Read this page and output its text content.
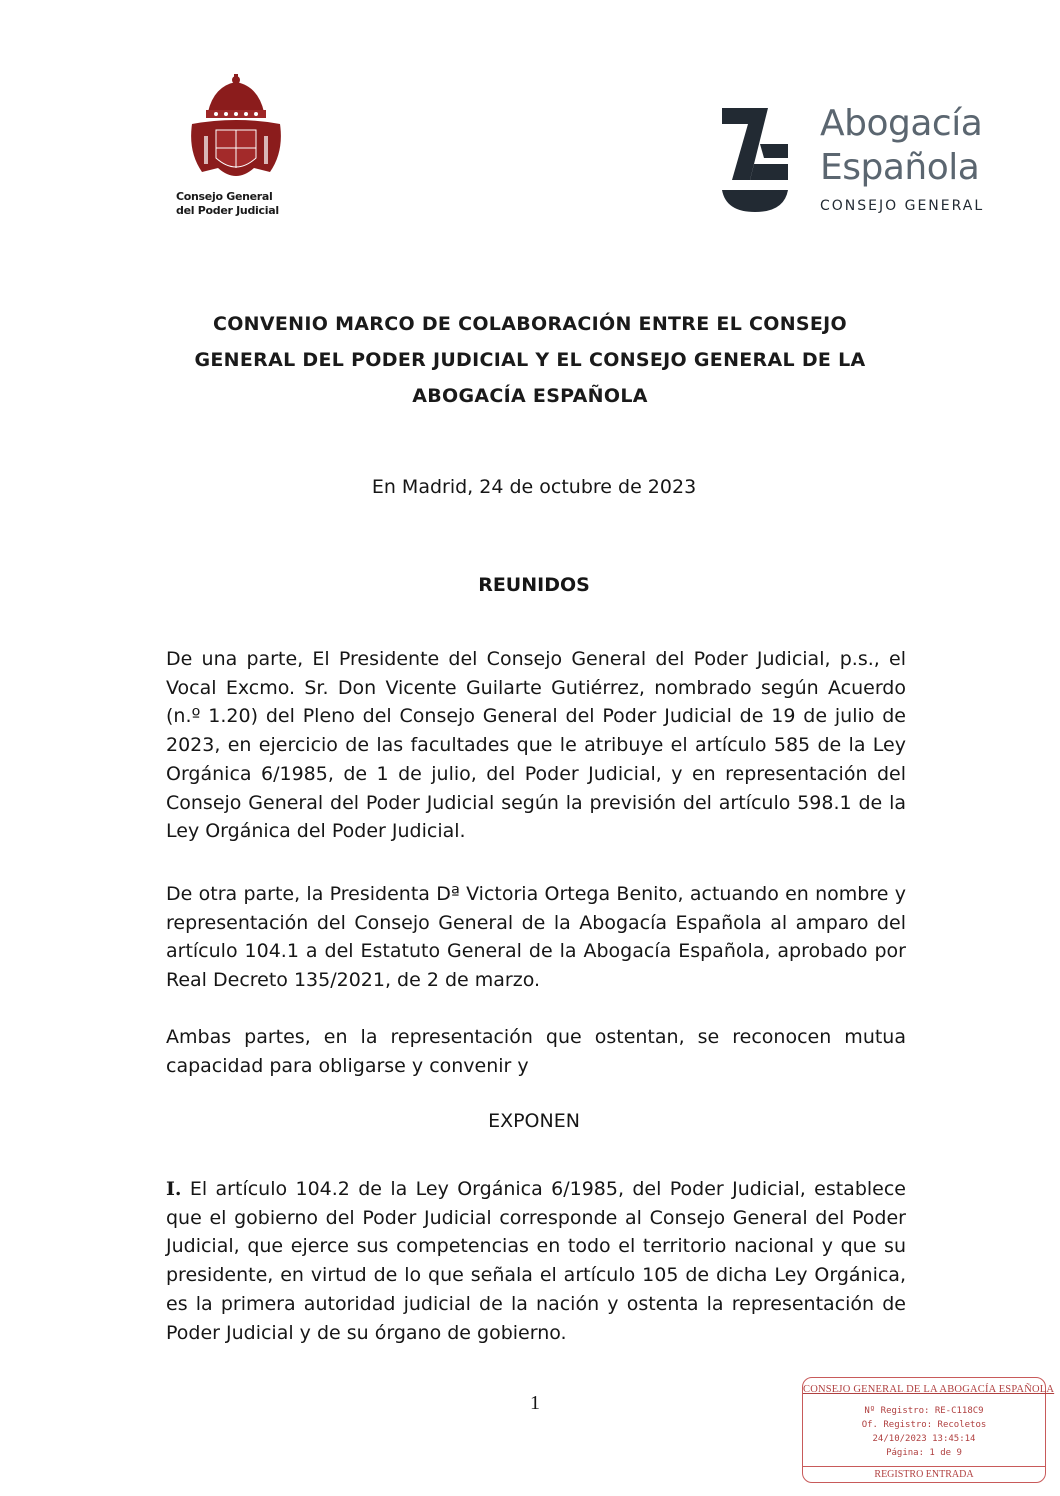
Consejo General
del Poder Judicial
Abogacía
Española
CONSEJO GENERAL
CONVENIO MARCO DE COLABORACIÓN ENTRE EL CONSEJO GENERAL DEL PODER JUDICIAL Y EL CONSEJO GENERAL DE LA ABOGACÍA ESPAÑOLA
En Madrid, 24 de octubre de 2023
REUNIDOS
De una parte, El Presidente del Consejo General del Poder Judicial, p.s., el Vocal Excmo. Sr. Don Vicente Guilarte Gutiérrez, nombrado según Acuerdo (n.º 1.20) del Pleno del Consejo General del Poder Judicial de 19 de julio de 2023, en ejercicio de las facultades que le atribuye el artículo 585 de la Ley Orgánica 6/1985, de 1 de julio, del Poder Judicial, y en representación del Consejo General del Poder Judicial según la previsión del artículo 598.1 de la Ley Orgánica del Poder Judicial.
De otra parte, la Presidenta Dª Victoria Ortega Benito, actuando en nombre y representación del Consejo General de la Abogacía Española al amparo del artículo 104.1 a del Estatuto General de la Abogacía Española, aprobado por Real Decreto 135/2021, de 2 de marzo.
Ambas partes, en la representación que ostentan, se reconocen mutua capacidad para obligarse y convenir y
EXPONEN
I. El artículo 104.2 de la Ley Orgánica 6/1985, del Poder Judicial, establece que el gobierno del Poder Judicial corresponde al Consejo General del Poder Judicial, que ejerce sus competencias en todo el territorio nacional y que su presidente, en virtud de lo que señala el artículo 105 de dicha Ley Orgánica, es la primera autoridad judicial de la nación y ostenta la representación de Poder Judicial y de su órgano de gobierno.
1
CONSEJO GENERAL DE LA ABOGACÍA ESPAÑOLA
Nº Registro: RE-C118C9
Of. Registro: Recoletos
24/10/2023 13:45:14
Página: 1 de 9
REGISTRO ENTRADA
